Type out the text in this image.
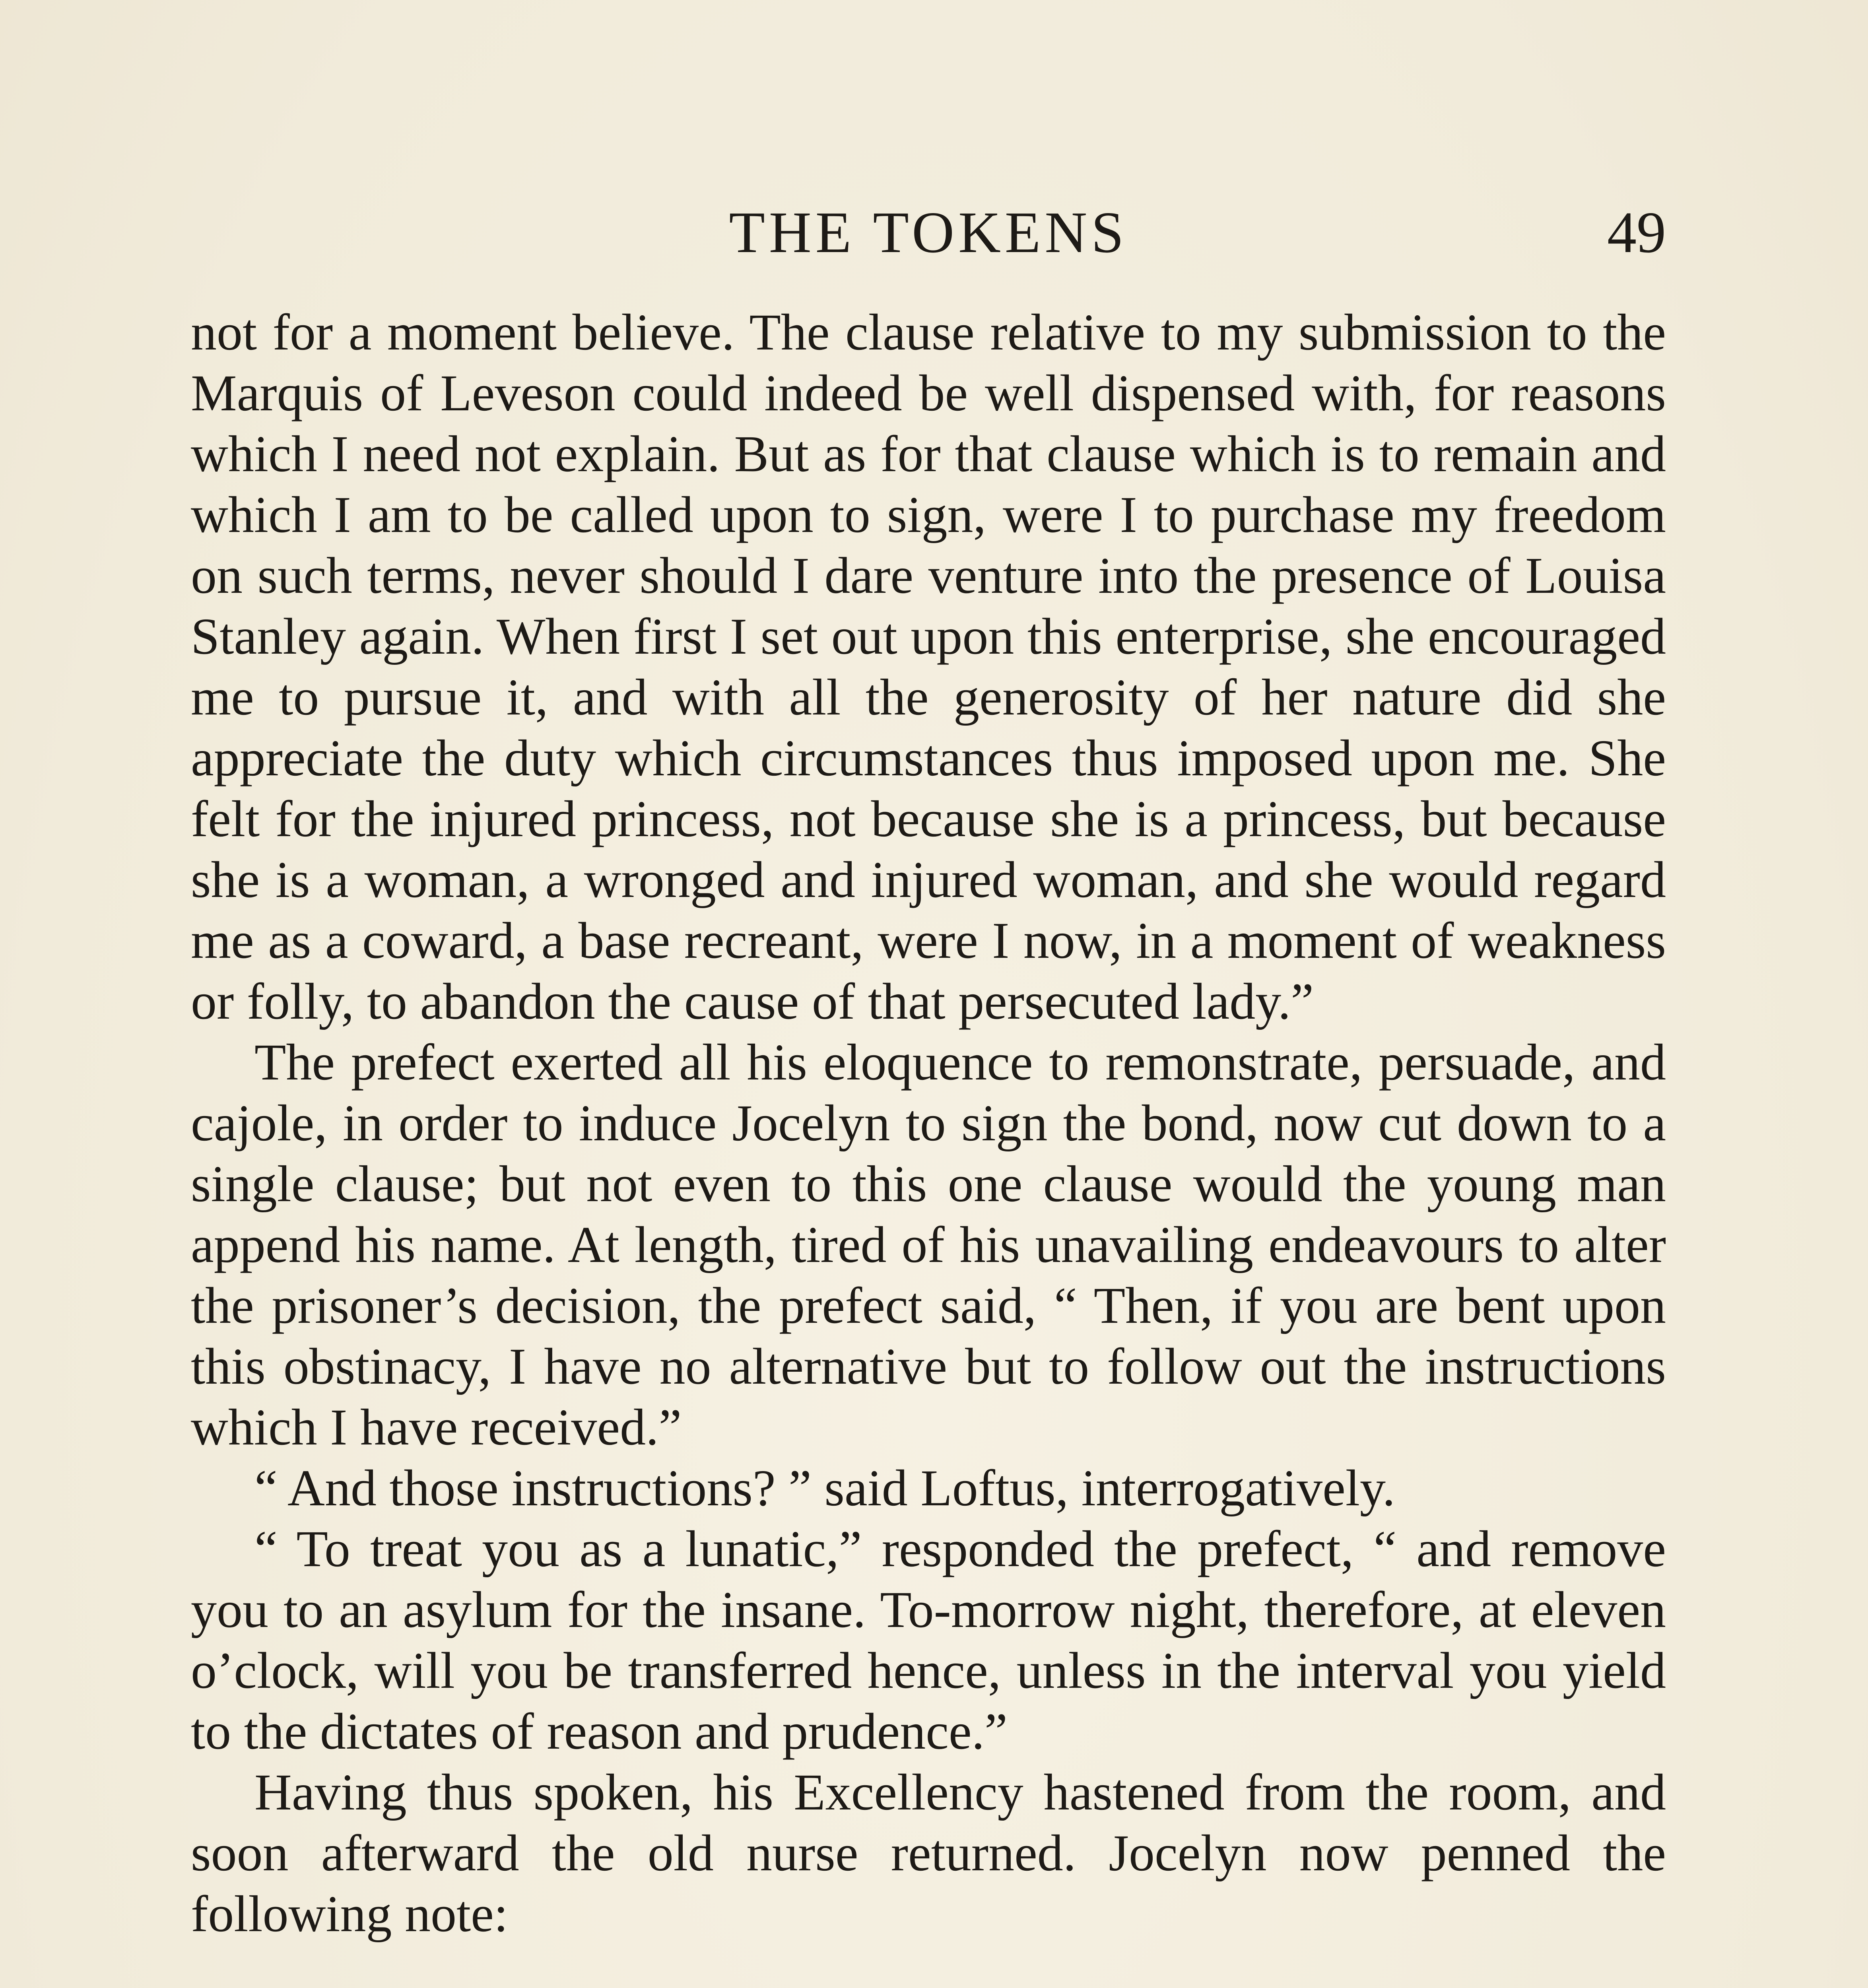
THE TOKENS	49

not for a moment believe. The clause relative to my submission to the Marquis of Leveson could indeed be well dispensed with, for reasons which I need not explain. But as for that clause which is to remain and which I am to be called upon to sign, were I to purchase my freedom on such terms, never should I dare venture into the presence of Louisa Stanley again. When first I set out upon this enterprise, she encouraged me to pursue it, and with all the generosity of her nature did she appreciate the duty which circumstances thus imposed upon me. She felt for the injured princess, not because she is a princess, but because she is a woman, a wronged and injured woman, and she would regard me as a coward, a base recreant, were I now, in a moment of weakness or folly, to abandon the cause of that persecuted lady.”

The prefect exerted all his eloquence to remonstrate, persuade, and cajole, in order to induce Jocelyn to sign the bond, now cut down to a single clause; but not even to this one clause would the young man append his name. At length, tired of his unavailing endeavours to alter the prisoner’s decision, the prefect said, “ Then, if you are bent upon this obstinacy, I have no alternative but to follow out the instructions which I have received.”

“ And those instructions? ” said Loftus, interrogatively.

“ To treat you as a lunatic,” responded the prefect, “ and remove you to an asylum for the insane. To-morrow night, therefore, at eleven o’clock, will you be transferred hence, unless in the interval you yield to the dictates of reason and prudence.”

Having thus spoken, his Excellency hastened from the room, and soon afterward the old nurse returned. Jocelyn now penned the following note:
